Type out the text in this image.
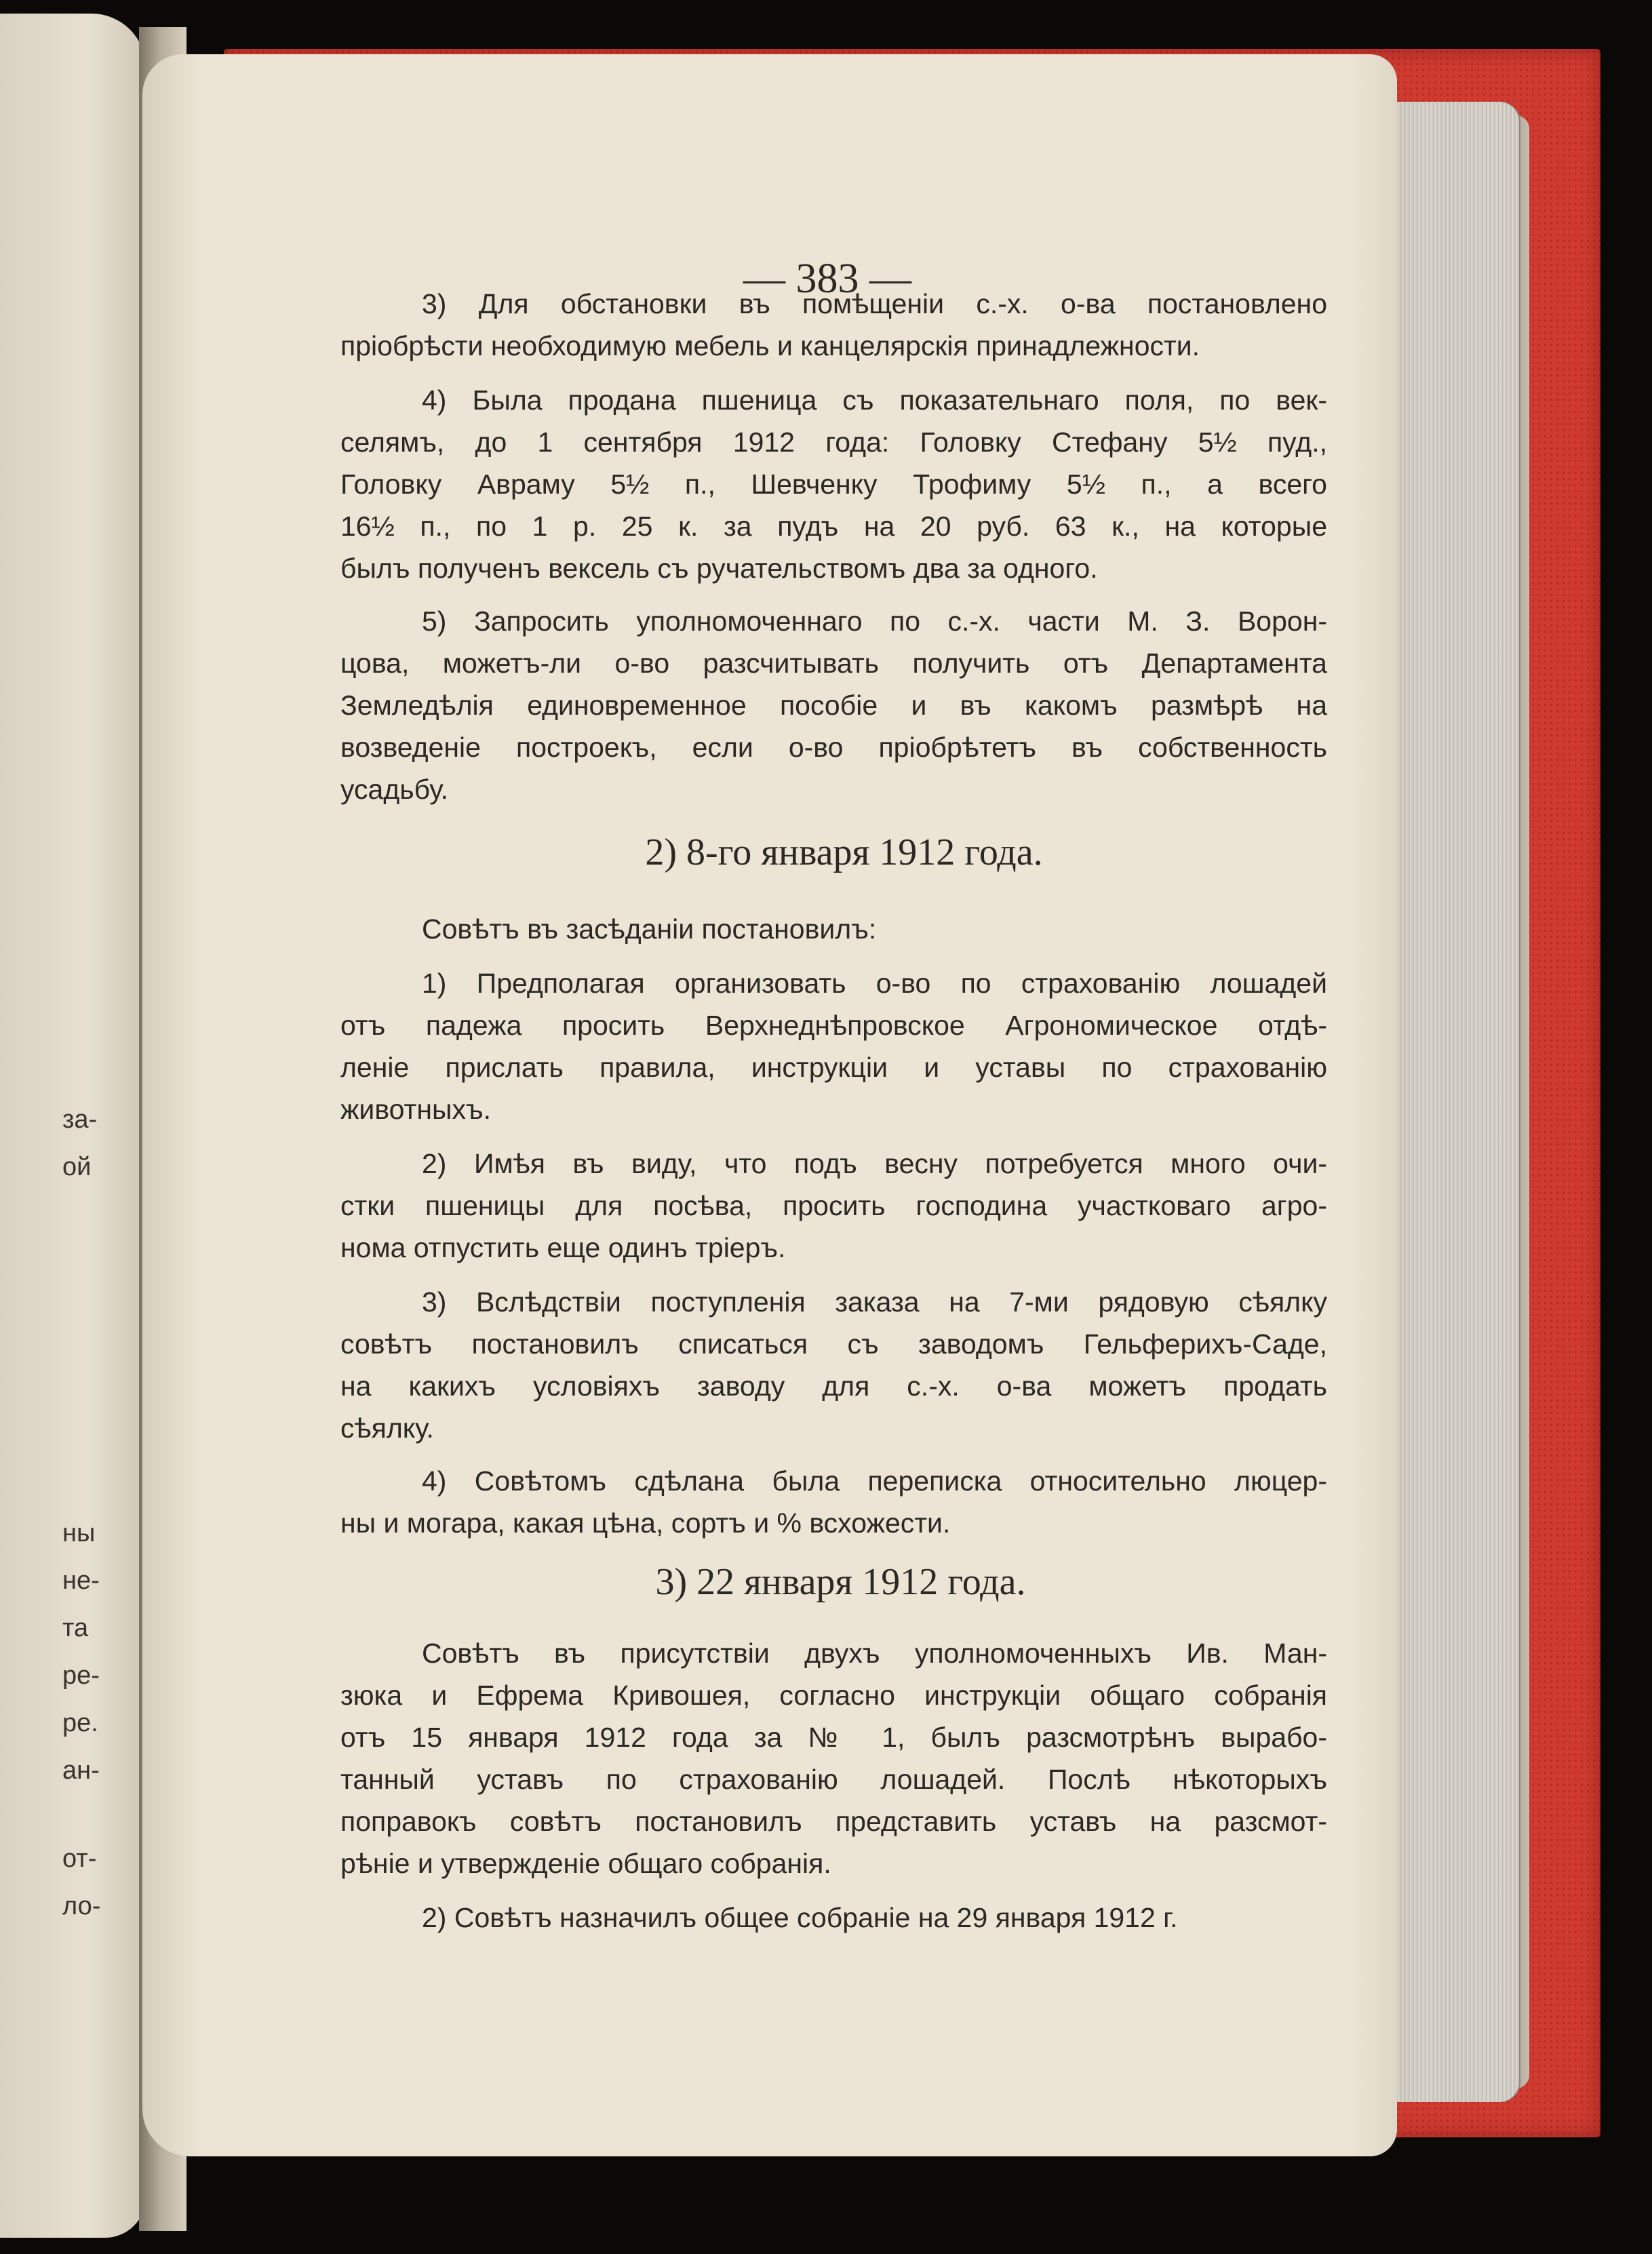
за-
ой
ны
не-
та
ре-
ре.
ан-
от-
ло-
— 383 —
3) Для обстановки въ помѣщеніи с.-х. о-ва постановлено
пріобрѣсти необходимую мебель и канцелярскія принадлежности.
4) Была продана пшеница съ показательнаго поля, по век-
селямъ, до 1 сентября 1912 года: Головку Стефану 5½ пуд.,
Головку Авраму 5½ п., Шевченку Трофиму 5½ п., а всего
16½ п., по 1 р. 25 к. за пудъ на 20 руб. 63 к., на которые
былъ полученъ вексель съ ручательствомъ два за одного.
5) Запросить уполномоченнаго по с.-х. части М. З. Ворон-
цова, можетъ-ли о-во разсчитывать получить отъ Департамента
Земледѣлія единовременное пособіе и въ какомъ размѣрѣ на
возведеніе построекъ, если о-во пріобрѣтетъ въ собственность
усадьбу.
2) 8-го января 1912 года.
Совѣтъ въ засѣданіи постановилъ:
1) Предполагая организовать о-во по страхованію лошадей
отъ падежа просить Верхнеднѣпровское Агрономическое отдѣ-
леніе прислать правила, инструкціи и уставы по страхованію
животныхъ.
2) Имѣя въ виду, что подъ весну потребуется много очи-
стки пшеницы для посѣва, просить господина участковаго агро-
нома отпустить еще одинъ тріеръ.
3) Вслѣдствіи поступленія заказа на 7-ми рядовую сѣялку
совѣтъ постановилъ списаться съ заводомъ Гельферихъ-Саде,
на какихъ условіяхъ заводу для с.-х. о-ва можетъ продать
сѣялку.
4) Совѣтомъ сдѣлана была переписка относительно люцер-
ны и могара, какая цѣна, сортъ и % всхожести.
3) 22 января 1912 года.
Совѣтъ въ присутствіи двухъ уполномоченныхъ Ив. Ман-
зюка и Ефрема Кривошея, согласно инструкціи общаго собранія
отъ 15 января 1912 года за № 1, былъ разсмотрѣнъ вырабо-
танный уставъ по страхованію лошадей. Послѣ нѣкоторыхъ
поправокъ совѣтъ постановилъ представить уставъ на разсмот-
рѣніе и утвержденіе общаго собранія.
2) Совѣтъ назначилъ общее собраніе на 29 января 1912 г.
